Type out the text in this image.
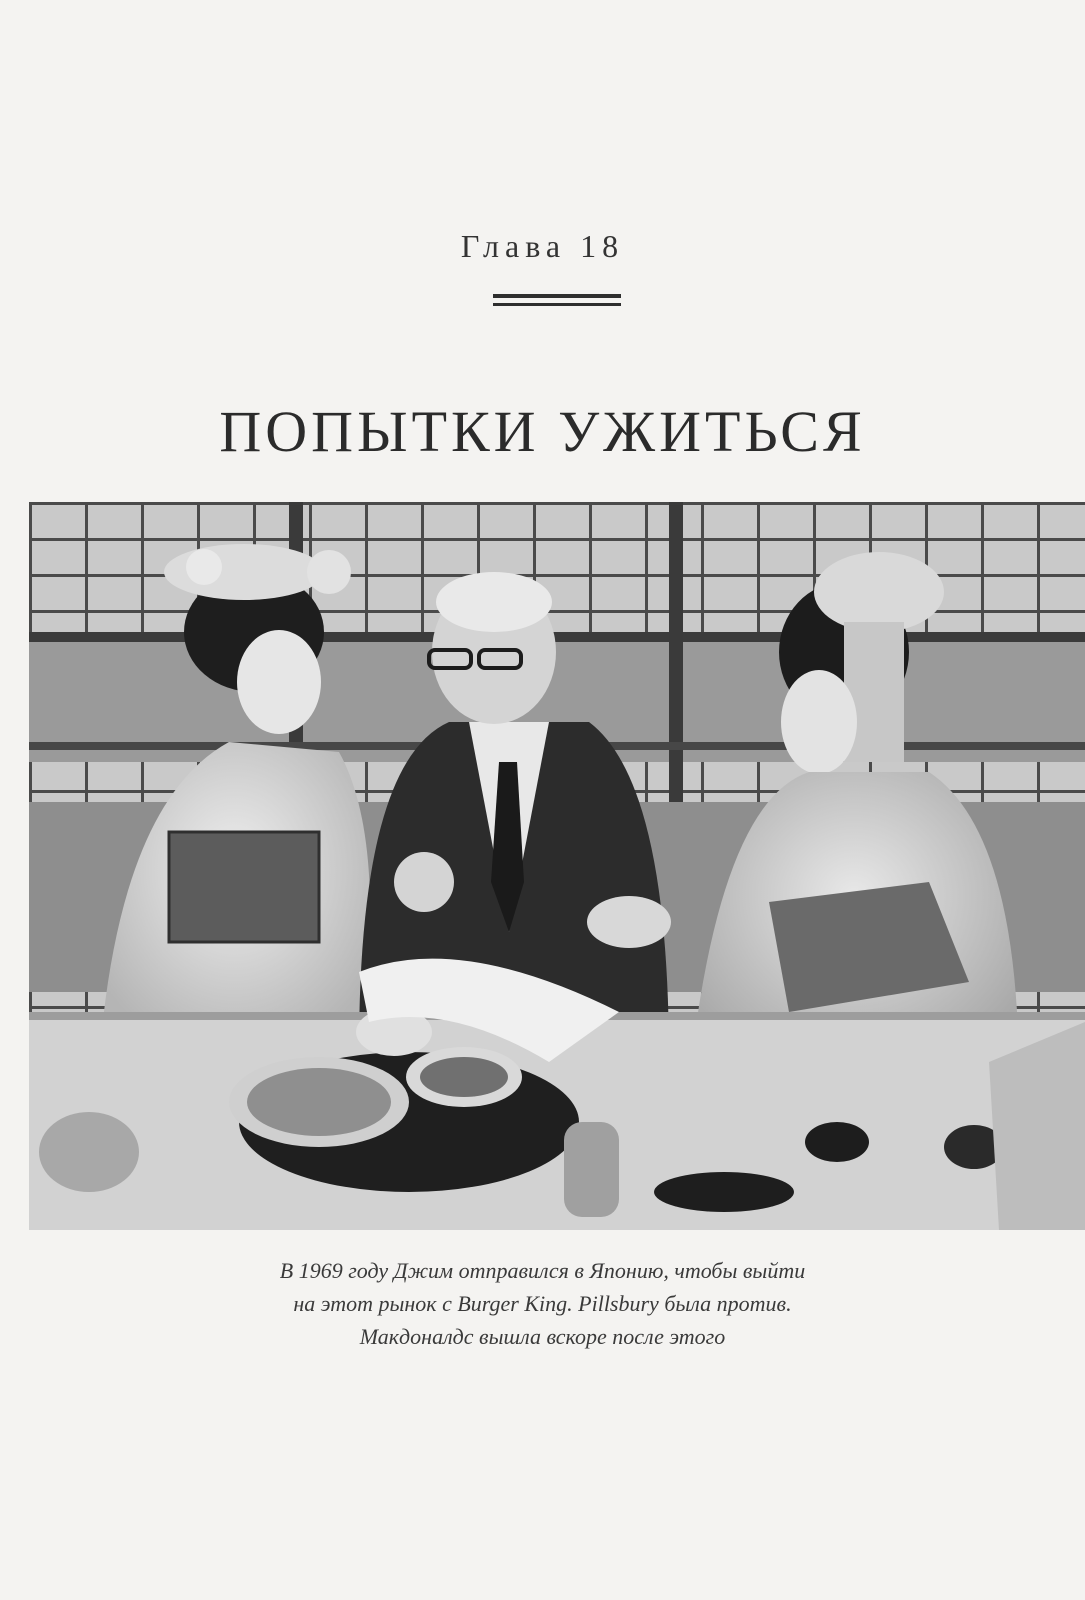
Глава 18
ПОПЫТКИ УЖИТЬСЯ
В 1969 году Джим отправился в Японию, чтобы выйти
на этот рынок с Burger King. Pillsbury была против.
Макдоналдс вышла вскоре после этого
